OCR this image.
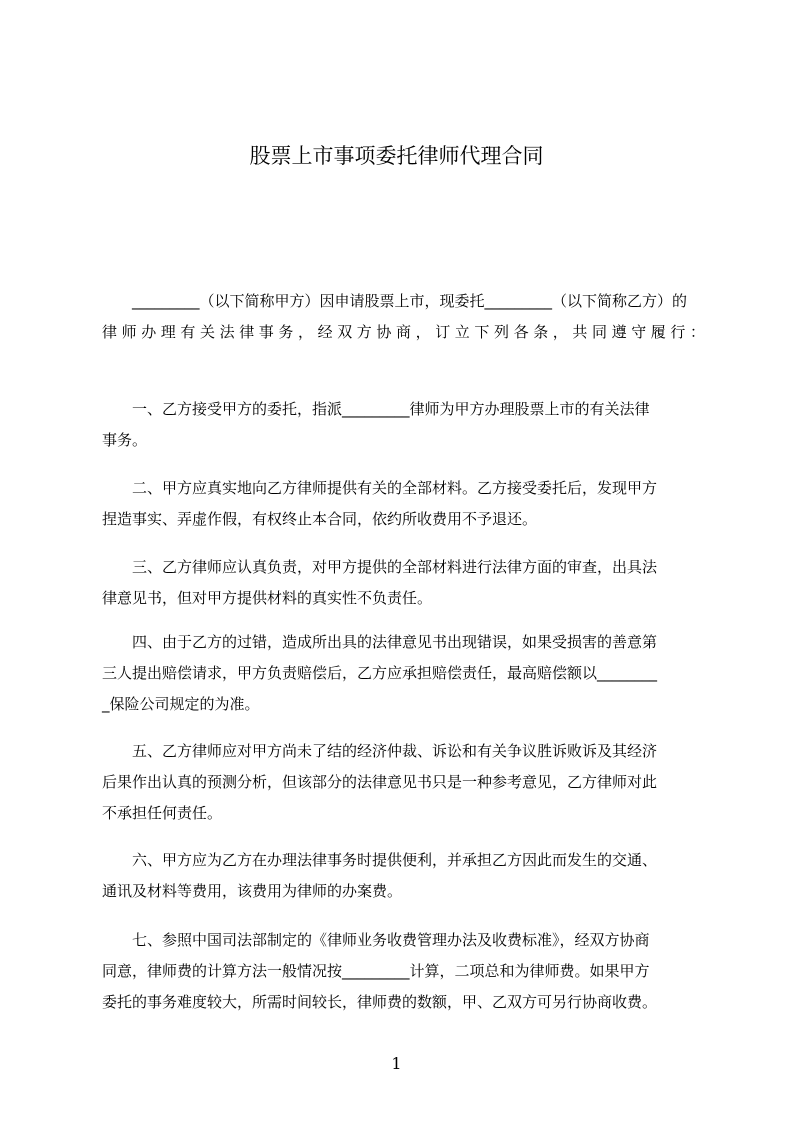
股票上市事项委托律师代理合同
　　_________（以下简称甲方）因申请股票上市，现委托_________（以下简称乙方）的
律师办理有关法律事务，经双方协商，订立下列各条，共同遵守履行：
　　一、乙方接受甲方的委托，指派_________律师为甲方办理股票上市的有关法律
事务。
　　二、甲方应真实地向乙方律师提供有关的全部材料。乙方接受委托后，发现甲方
捏造事实、弄虚作假，有权终止本合同，依约所收费用不予退还。
　　三、乙方律师应认真负责，对甲方提供的全部材料进行法律方面的审查，出具法
律意见书，但对甲方提供材料的真实性不负责任。
　　四、由于乙方的过错，造成所出具的法律意见书出现错误，如果受损害的善意第
三人提出赔偿请求，甲方负责赔偿后，乙方应承担赔偿责任，最高赔偿额以________
_保险公司规定的为准。
　　五、乙方律师应对甲方尚未了结的经济仲裁、诉讼和有关争议胜诉败诉及其经济
后果作出认真的预测分析，但该部分的法律意见书只是一种参考意见，乙方律师对此
不承担任何责任。
　　六、甲方应为乙方在办理法律事务时提供便利，并承担乙方因此而发生的交通、
通讯及材料等费用，该费用为律师的办案费。
　　七、参照中国司法部制定的《律师业务收费管理办法及收费标准》，经双方协商
同意，律师费的计算方法一般情况按_________计算，二项总和为律师费。如果甲方
委托的事务难度较大，所需时间较长，律师费的数额，甲、乙双方可另行协商收费。
1
